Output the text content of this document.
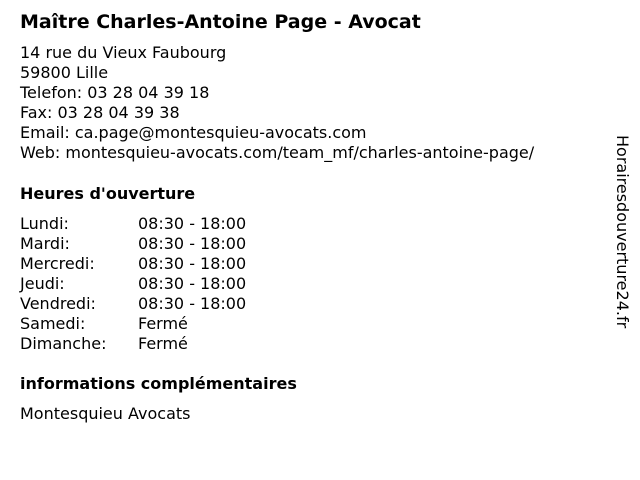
Maître Charles-Antoine Page - Avocat
14 rue du Vieux Faubourg
59800 Lille
Telefon: 03 28 04 39 18
Fax: 03 28 04 39 38
Email: ca.page@montesquieu-avocats.com
Web: montesquieu-avocats.com/team_mf/charles-antoine-page/
Heures d'ouverture
Lundi:	08:30 - 18:00
Mardi:	08:30 - 18:00
Mercredi:	08:30 - 18:00
Jeudi:	08:30 - 18:00
Vendredi:	08:30 - 18:00
Samedi:	Fermé
Dimanche: Fermé
informations complémentaires
Montesquieu Avocats
Horairesdouverture24.fr
